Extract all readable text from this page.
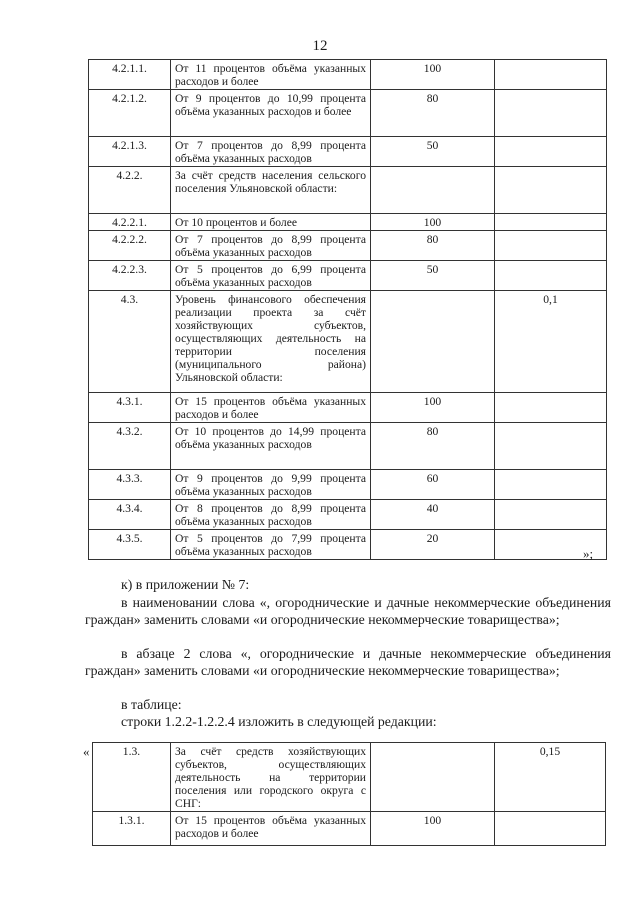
12
4.2.1.1.	От 11 процентов объёма указанных расходов и более	100	
4.2.1.2.	От 9 процентов до 10,99 процента объёма указанных расходов и более	80	
4.2.1.3.	От 7 процентов до 8,99 процента объёма указанных расходов	50	
4.2.2.	За счёт средств населения сельского поселения Ульяновской области:		
4.2.2.1.	От 10 процентов и более	100	
4.2.2.2.	От 7 процентов до 8,99 процента объёма указанных расходов	80	
4.2.2.3.	От 5 процентов до 6,99 процента объёма указанных расходов	50	
4.3.	Уровень финансового обеспечения реализации проекта за счёт хозяйствующих субъектов, осуществляющих деятельность на территории поселения (муниципального района) Ульяновской области:		0,1
4.3.1.	От 15 процентов объёма указанных расходов и более	100	
4.3.2.	От 10 процентов до 14,99 процента объёма указанных расходов	80	
4.3.3.	От 9 процентов до 9,99 процента объёма указанных расходов	60	
4.3.4.	От 8 процентов до 8,99 процента объёма указанных расходов	40	
4.3.5.	От 5 процентов до 7,99 процента объёма указанных расходов	20	
»;
к) в приложении № 7:
в наименовании слова «, огороднические и дачные некоммерческие объединения граждан» заменить словами «и огороднические некоммерческие товарищества»;
в абзаце 2 слова «, огороднические и дачные некоммерческие объединения граждан» заменить словами «и огороднические некоммерческие товарищества»;
в таблице:
строки 1.2.2-1.2.2.4 изложить в следующей редакции:
«	1.3.	За счёт средств хозяйствующих субъектов, осуществляющих деятельность на территории поселения или городского округа с СНГ:		0,15
1.3.1.	От 15 процентов объёма указанных расходов и более	100	
